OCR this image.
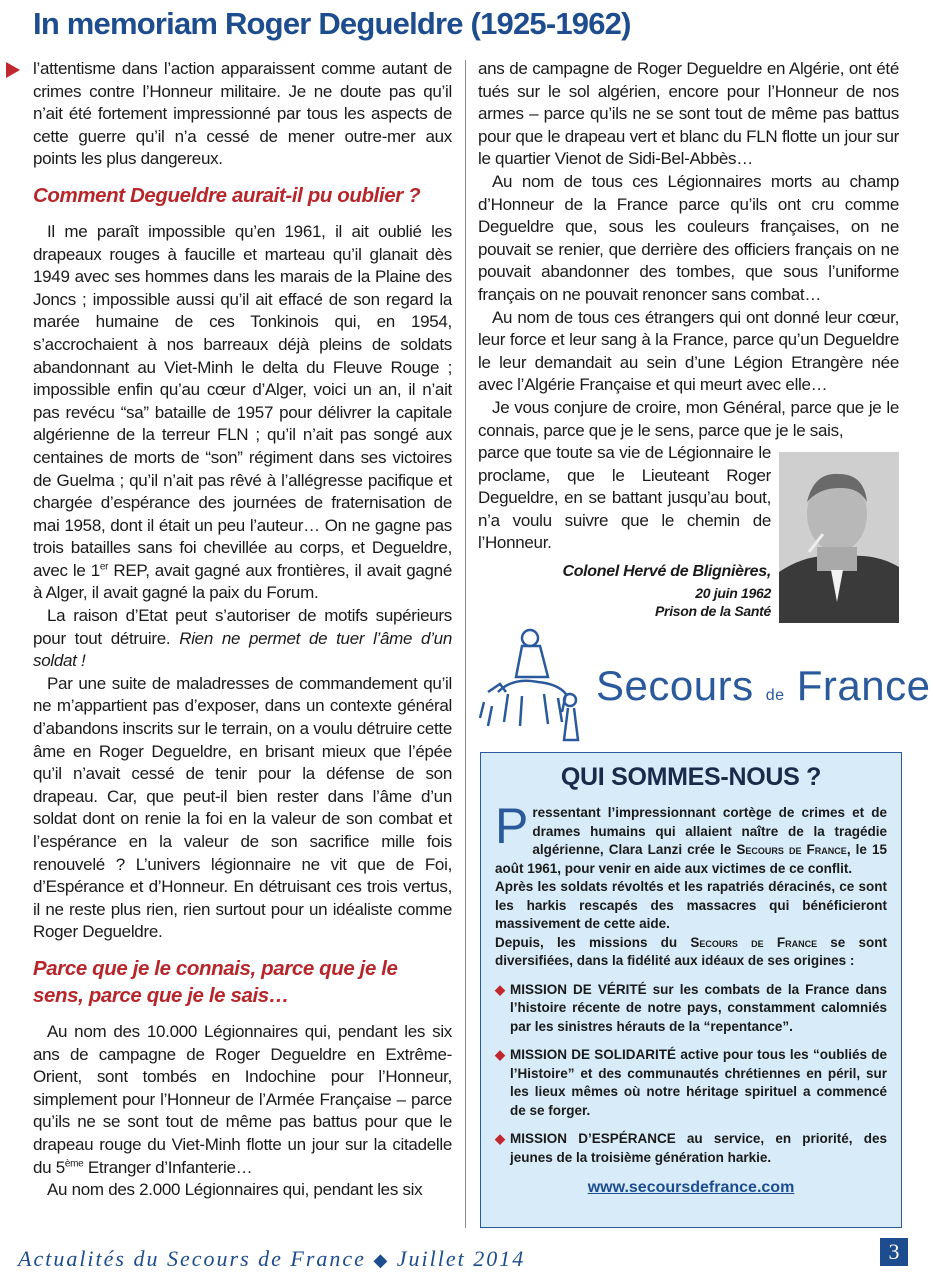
In memoriam Roger Degueldre (1925-1962)

l’attentisme dans l’action apparaissent comme autant de crimes contre l’Honneur militaire. Je ne doute pas qu’il n’ait été fortement impressionné par tous les aspects de cette guerre qu’il n’a cessé de mener outre-mer aux points les plus dangereux.

Comment Degueldre aurait-il pu oublier ?

Il me paraît impossible qu’en 1961, il ait oublié les drapeaux rouges à faucille et marteau qu’il glanait dès 1949 avec ses hommes dans les marais de la Plaine des Joncs ; impossible aussi qu’il ait effacé de son regard la marée humaine de ces Tonkinois qui, en 1954, s’accrochaient à nos barreaux déjà pleins de soldats abandonnant au Viet-Minh le delta du Fleuve Rouge ; impossible enfin qu’au cœur d’Alger, voici un an, il n’ait pas revécu “sa” bataille de 1957 pour délivrer la capitale algérienne de la terreur FLN ; qu’il n’ait pas songé aux centaines de morts de “son” régiment dans ses victoires de Guelma ; qu’il n’ait pas rêvé à l’allégresse pacifique et chargée d’espérance des journées de fraternisation de mai 1958, dont il était un peu l’auteur… On ne gagne pas trois batailles sans foi chevillée au corps, et Degueldre, avec le 1er REP, avait gagné aux frontières, il avait gagné à Alger, il avait gagné la paix du Forum.

La raison d’Etat peut s’autoriser de motifs supérieurs pour tout détruire. Rien ne permet de tuer l’âme d’un soldat !

Par une suite de maladresses de commandement qu’il ne m’appartient pas d’exposer, dans un contexte général d’abandons inscrits sur le terrain, on a voulu détruire cette âme en Roger Degueldre, en brisant mieux que l’épée qu’il n’avait cessé de tenir pour la défense de son drapeau. Car, que peut-il bien rester dans l’âme d’un soldat dont on renie la foi en la valeur de son combat et l’espérance en la valeur de son sacrifice mille fois renouvelé ? L’univers légionnaire ne vit que de Foi, d’Espérance et d’Honneur. En détruisant ces trois vertus, il ne reste plus rien, rien surtout pour un idéaliste comme Roger Degueldre.

Parce que je le connais, parce que je le sens, parce que je le sais…

Au nom des 10.000 Légionnaires qui, pendant les six ans de campagne de Roger Degueldre en Extrême-Orient, sont tombés en Indochine pour l’Honneur, simplement pour l’Honneur de l’Armée Française – parce qu’ils ne se sont tout de même pas battus pour que le drapeau rouge du Viet-Minh flotte un jour sur la citadelle du 5ème Etranger d’Infanterie…

Au nom des 2.000 Légionnaires qui, pendant les six

ans de campagne de Roger Degueldre en Algérie, ont été tués sur le sol algérien, encore pour l’Honneur de nos armes – parce qu’ils ne se sont tout de même pas battus pour que le drapeau vert et blanc du FLN flotte un jour sur le quartier Vienot de Sidi-Bel-Abbès…

Au nom de tous ces Légionnaires morts au champ d’Honneur de la France parce qu’ils ont cru comme Degueldre que, sous les couleurs françaises, on ne pouvait se renier, que derrière des officiers français on ne pouvait abandonner des tombes, que sous l’uniforme français on ne pouvait renoncer sans combat…

Au nom de tous ces étrangers qui ont donné leur cœur, leur force et leur sang à la France, parce qu’un Degueldre le leur demandait au sein d’une Légion Etrangère née avec l’Algérie Française et qui meurt avec elle…

Je vous conjure de croire, mon Général, parce que je le connais, parce que je le sens, parce que je le sais,

parce que toute sa vie de Légionnaire le proclame, que le Lieuteant Roger Degueldre, en se battant jusqu’au bout, n’a voulu suivre que le chemin de l’Honneur.

Colonel Hervé de Blignières,
20 juin 1962
Prison de la Santé
Secours de France
QUI SOMMES-NOUS ?

Pressentant l’impressionnant cortège de crimes et de drames humains qui allaient naître de la tragédie algérienne, Clara Lanzi crée le Secours de France, le 15 août 1961, pour venir en aide aux victimes de ce conflit.

Après les soldats révoltés et les rapatriés déracinés, ce sont les harkis rescapés des massacres qui bénéficieront massivement de cette aide.

Depuis, les missions du Secours de France se sont diversifiées, dans la fidélité aux idéaux de ses origines :

◆ MISSION DE VÉRITÉ sur les combats de la France dans l’histoire récente de notre pays, constamment calomniés par les sinistres hérauts de la “repentance”.

◆ MISSION DE SOLIDARITÉ active pour tous les “oubliés de l’Histoire” et des communautés chrétiennes en péril, sur les lieux mêmes où notre héritage spirituel a commencé de se forger.

◆ MISSION D’ESPÉRANCE au service, en priorité, des jeunes de la troisième génération harkie.

www.secoursdefrance.com
Actualités du Secours de France ◆ Juillet 2014	3
